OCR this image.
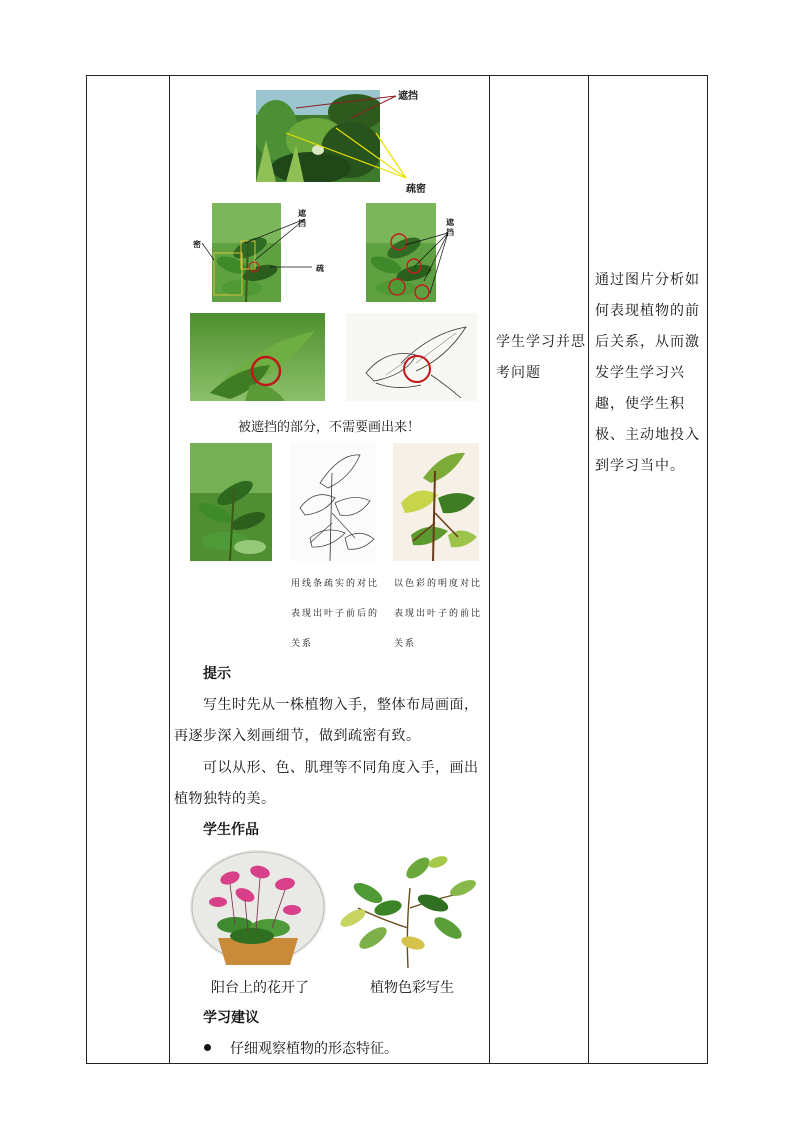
学生学习并思考问题
通过图片分析如何表现植物的前后关系，从而激发学生学习兴趣，使学生积极、主动地投入到学习当中。
遮挡
疏密
遮挡
密
疏
遮挡
被遮挡的部分，不需要画出来！
用线条疏实的对比
表现出叶子前后的
关系
以色彩的明度对比
表现出叶子的前比
关系
提示
写生时先从一株植物入手，整体布局画面，再逐步深入刻画细节，做到疏密有致。
可以从形、色、肌理等不同角度入手，画出植物独特的美。
学生作品
阳台上的花开了	植物色彩写生
学习建议
仔细观察植物的形态特征。
